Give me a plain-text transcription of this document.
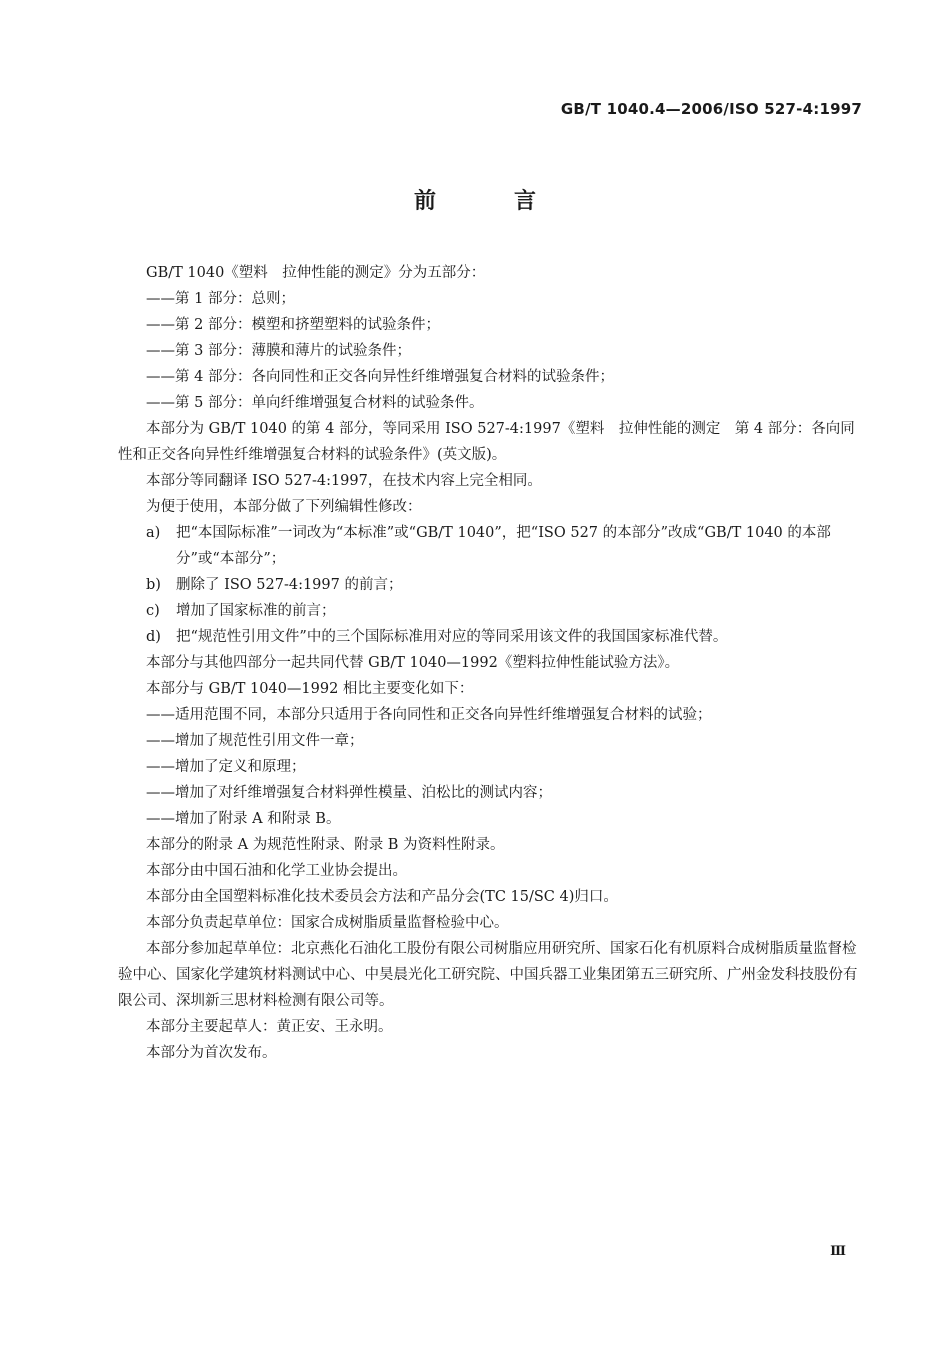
GB/T 1040.4—2006/ISO 527-4:1997
前　言

GB/T 1040《塑料　拉伸性能的测定》分为五部分：

——第 1 部分：总则；

——第 2 部分：模塑和挤塑塑料的试验条件；

——第 3 部分：薄膜和薄片的试验条件；

——第 4 部分：各向同性和正交各向异性纤维增强复合材料的试验条件；

——第 5 部分：单向纤维增强复合材料的试验条件。

本部分为 GB/T 1040 的第 4 部分，等同采用 ISO 527-4:1997《塑料　拉伸性能的测定　第 4 部分：各向同性和正交各向异性纤维增强复合材料的试验条件》(英文版)。

本部分等同翻译 ISO 527-4:1997，在技术内容上完全相同。

为便于使用，本部分做了下列编辑性修改：

a) 把“本国际标准”一词改为“本标准”或“GB/T 1040”，把“ISO 527 的本部分”改成“GB/T 1040 的本部分”或“本部分”；

b) 删除了 ISO 527-4:1997 的前言；

c) 增加了国家标准的前言；

d) 把“规范性引用文件”中的三个国际标准用对应的等同采用该文件的我国国家标准代替。

本部分与其他四部分一起共同代替 GB/T 1040—1992《塑料拉伸性能试验方法》。

本部分与 GB/T 1040—1992 相比主要变化如下：

——适用范围不同，本部分只适用于各向同性和正交各向异性纤维增强复合材料的试验；

——增加了规范性引用文件一章；

——增加了定义和原理；

——增加了对纤维增强复合材料弹性模量、泊松比的测试内容；

——增加了附录 A 和附录 B。

本部分的附录 A 为规范性附录、附录 B 为资料性附录。

本部分由中国石油和化学工业协会提出。

本部分由全国塑料标准化技术委员会方法和产品分会(TC 15/SC 4)归口。

本部分负责起草单位：国家合成树脂质量监督检验中心。

本部分参加起草单位：北京燕化石油化工股份有限公司树脂应用研究所、国家石化有机原料合成树脂质量监督检验中心、国家化学建筑材料测试中心、中昊晨光化工研究院、中国兵器工业集团第五三研究所、广州金发科技股份有限公司、深圳新三思材料检测有限公司等。

本部分主要起草人：黄正安、王永明。

本部分为首次发布。

Ⅲ
